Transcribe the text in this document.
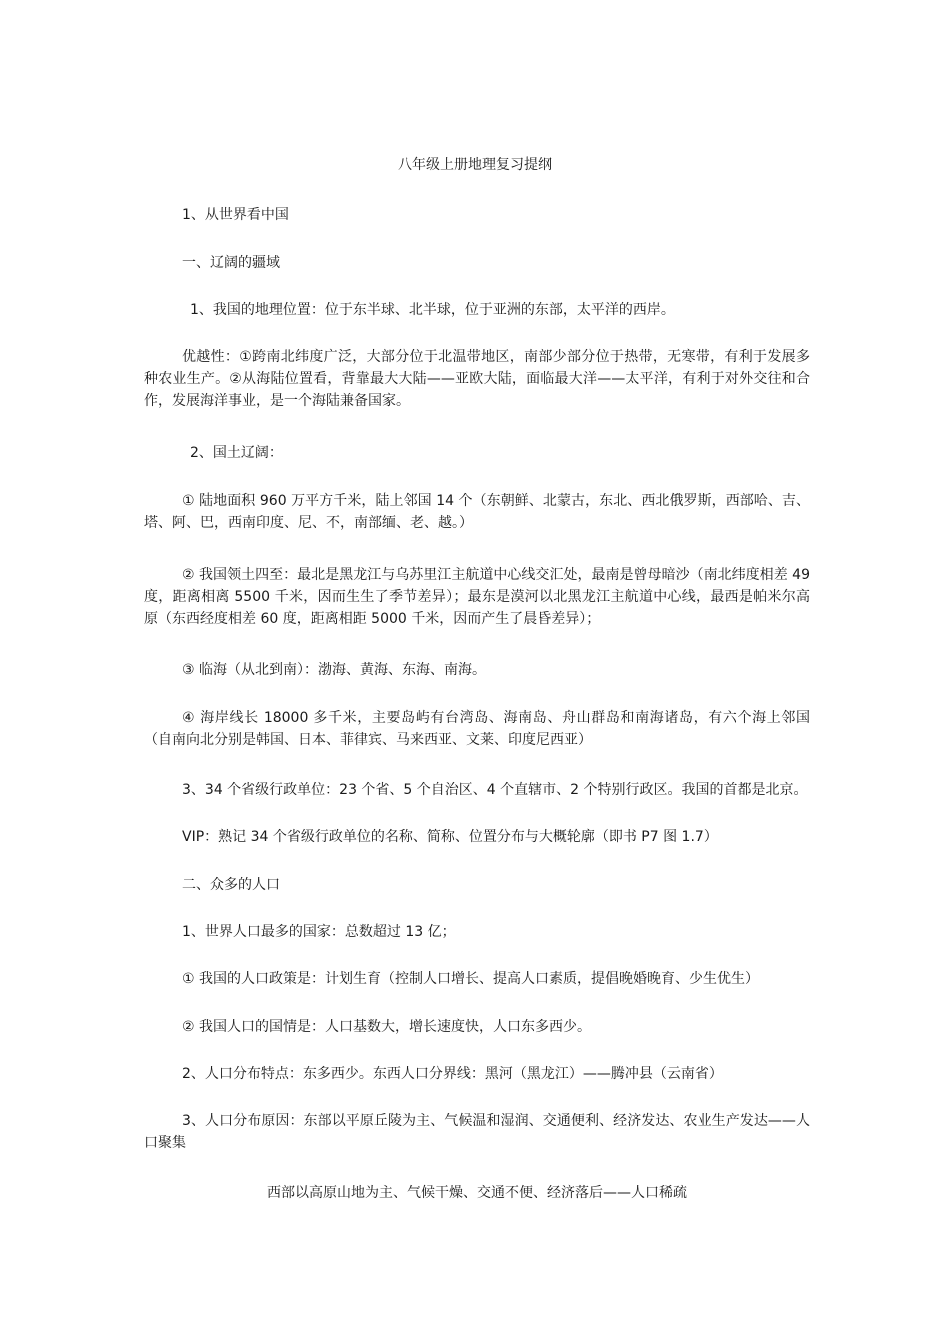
八年级上册地理复习提纲

1、从世界看中国

一、辽阔的疆域

1、我国的地理位置：位于东半球、北半球，位于亚洲的东部，太平洋的西岸。

优越性：①跨南北纬度广泛，大部分位于北温带地区，南部少部分位于热带，无寒带，有利于发展多种农业生产。②从海陆位置看，背靠最大大陆——亚欧大陆，面临最大洋——太平洋，有利于对外交往和合作，发展海洋事业，是一个海陆兼备国家。

2、国土辽阔：

① 陆地面积 960 万平方千米，陆上邻国 14 个（东朝鲜、北蒙古，东北、西北俄罗斯，西部哈、吉、塔、阿、巴，西南印度、尼、不，南部缅、老、越。）

② 我国领土四至：最北是黑龙江与乌苏里江主航道中心线交汇处，最南是曾母暗沙（南北纬度相差 49 度，距离相离 5500 千米，因而生生了季节差异）；最东是漠河以北黑龙江主航道中心线，最西是帕米尔高原（东西经度相差 60 度，距离相距 5000 千米，因而产生了晨昏差异）；

③ 临海（从北到南）：渤海、黄海、东海、南海。

④ 海岸线长 18000 多千米，主要岛屿有台湾岛、海南岛、舟山群岛和南海诸岛，有六个海上邻国（自南向北分别是韩国、日本、菲律宾、马来西亚、文莱、印度尼西亚）

3、34 个省级行政单位：23 个省、5 个自治区、4 个直辖市、2 个特别行政区。我国的首都是北京。

VIP：熟记 34 个省级行政单位的名称、简称、位置分布与大概轮廓（即书 P7 图 1.7）

二、众多的人口

1、世界人口最多的国家：总数超过 13 亿；

① 我国的人口政策是：计划生育（控制人口增长、提高人口素质，提倡晚婚晚育、少生优生）

② 我国人口的国情是：人口基数大，增长速度快，人口东多西少。

2、人口分布特点：东多西少。东西人口分界线：黑河（黑龙江）——腾冲县（云南省）

3、人口分布原因：东部以平原丘陵为主、气候温和湿润、交通便利、经济发达、农业生产发达——人口聚集

西部以高原山地为主、气候干燥、交通不便、经济落后——人口稀疏
